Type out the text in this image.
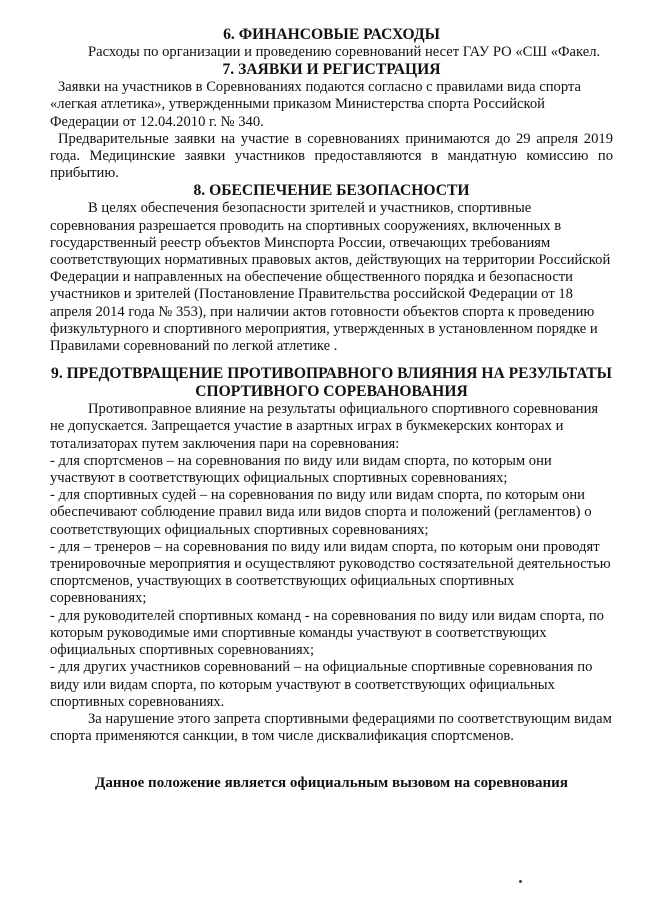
6. ФИНАНСОВЫЕ РАСХОДЫ

Расходы по организации и проведению соревнований несет ГАУ РО «СШ «Факел.

7. ЗАЯВКИ И РЕГИСТРАЦИЯ

Заявки на участников в Соревнованиях подаются согласно с правилами вида спорта «легкая атлетика», утвержденными приказом Министерства спорта Российской Федерации от 12.04.2010 г. № 340.

Предварительные заявки на участие в соревнованиях принимаются до 29 апреля 2019 года. Медицинские заявки участников предоставляются в мандатную комиссию по прибытию.

8. ОБЕСПЕЧЕНИЕ БЕЗОПАСНОСТИ

В целях обеспечения безопасности зрителей и участников, спортивные соревнования разрешается проводить на спортивных сооружениях, включенных в государственный реестр объектов Минспорта России, отвечающих требованиям соответствующих нормативных правовых актов, действующих на территории Российской Федерации и направленных на обеспечение общественного порядка и безопасности участников и зрителей (Постановление Правительства российской Федерации от 18 апреля 2014 года № 353), при наличии актов готовности объектов спорта к проведению физкультурного и спортивного мероприятия, утвержденных в установленном порядке и Правилами соревнований по легкой атлетике .

9. ПРЕДОТВРАЩЕНИЕ ПРОТИВОПРАВНОГО ВЛИЯНИЯ НА РЕЗУЛЬТАТЫ

СПОРТИВНОГО СОРЕВАНОВАНИЯ

Противоправное влияние на результаты официального спортивного соревнования не допускается. Запрещается участие в азартных играх в букмекерских конторах и тотализаторах путем заключения пари на соревнования:

- для спортсменов – на соревнования по виду или видам спорта, по которым они участвуют в соответствующих официальных спортивных соревнованиях;

- для спортивных судей – на соревнования по виду или видам спорта, по которым они обеспечивают соблюдение правил вида или видов спорта и положений (регламентов) о соответствующих официальных спортивных соревнованиях;

- для – тренеров – на соревнования по виду или видам спорта, по которым они проводят тренировочные мероприятия и осуществляют руководство состязательной деятельностью спортсменов, участвующих в соответствующих официальных спортивных соревнованиях;

- для руководителей спортивных команд - на соревнования по виду или видам спорта, по которым руководимые ими спортивные команды участвуют в соответствующих официальных спортивных соревнованиях;

- для других участников соревнований – на официальные спортивные соревнования по виду или видам спорта, по которым участвуют в соответствующих официальных спортивных соревнованиях.

За нарушение этого запрета спортивными федерациями по соответствующим видам спорта применяются санкции, в том числе дисквалификация спортсменов.

Данное положение является официальным вызовом на соревнования
